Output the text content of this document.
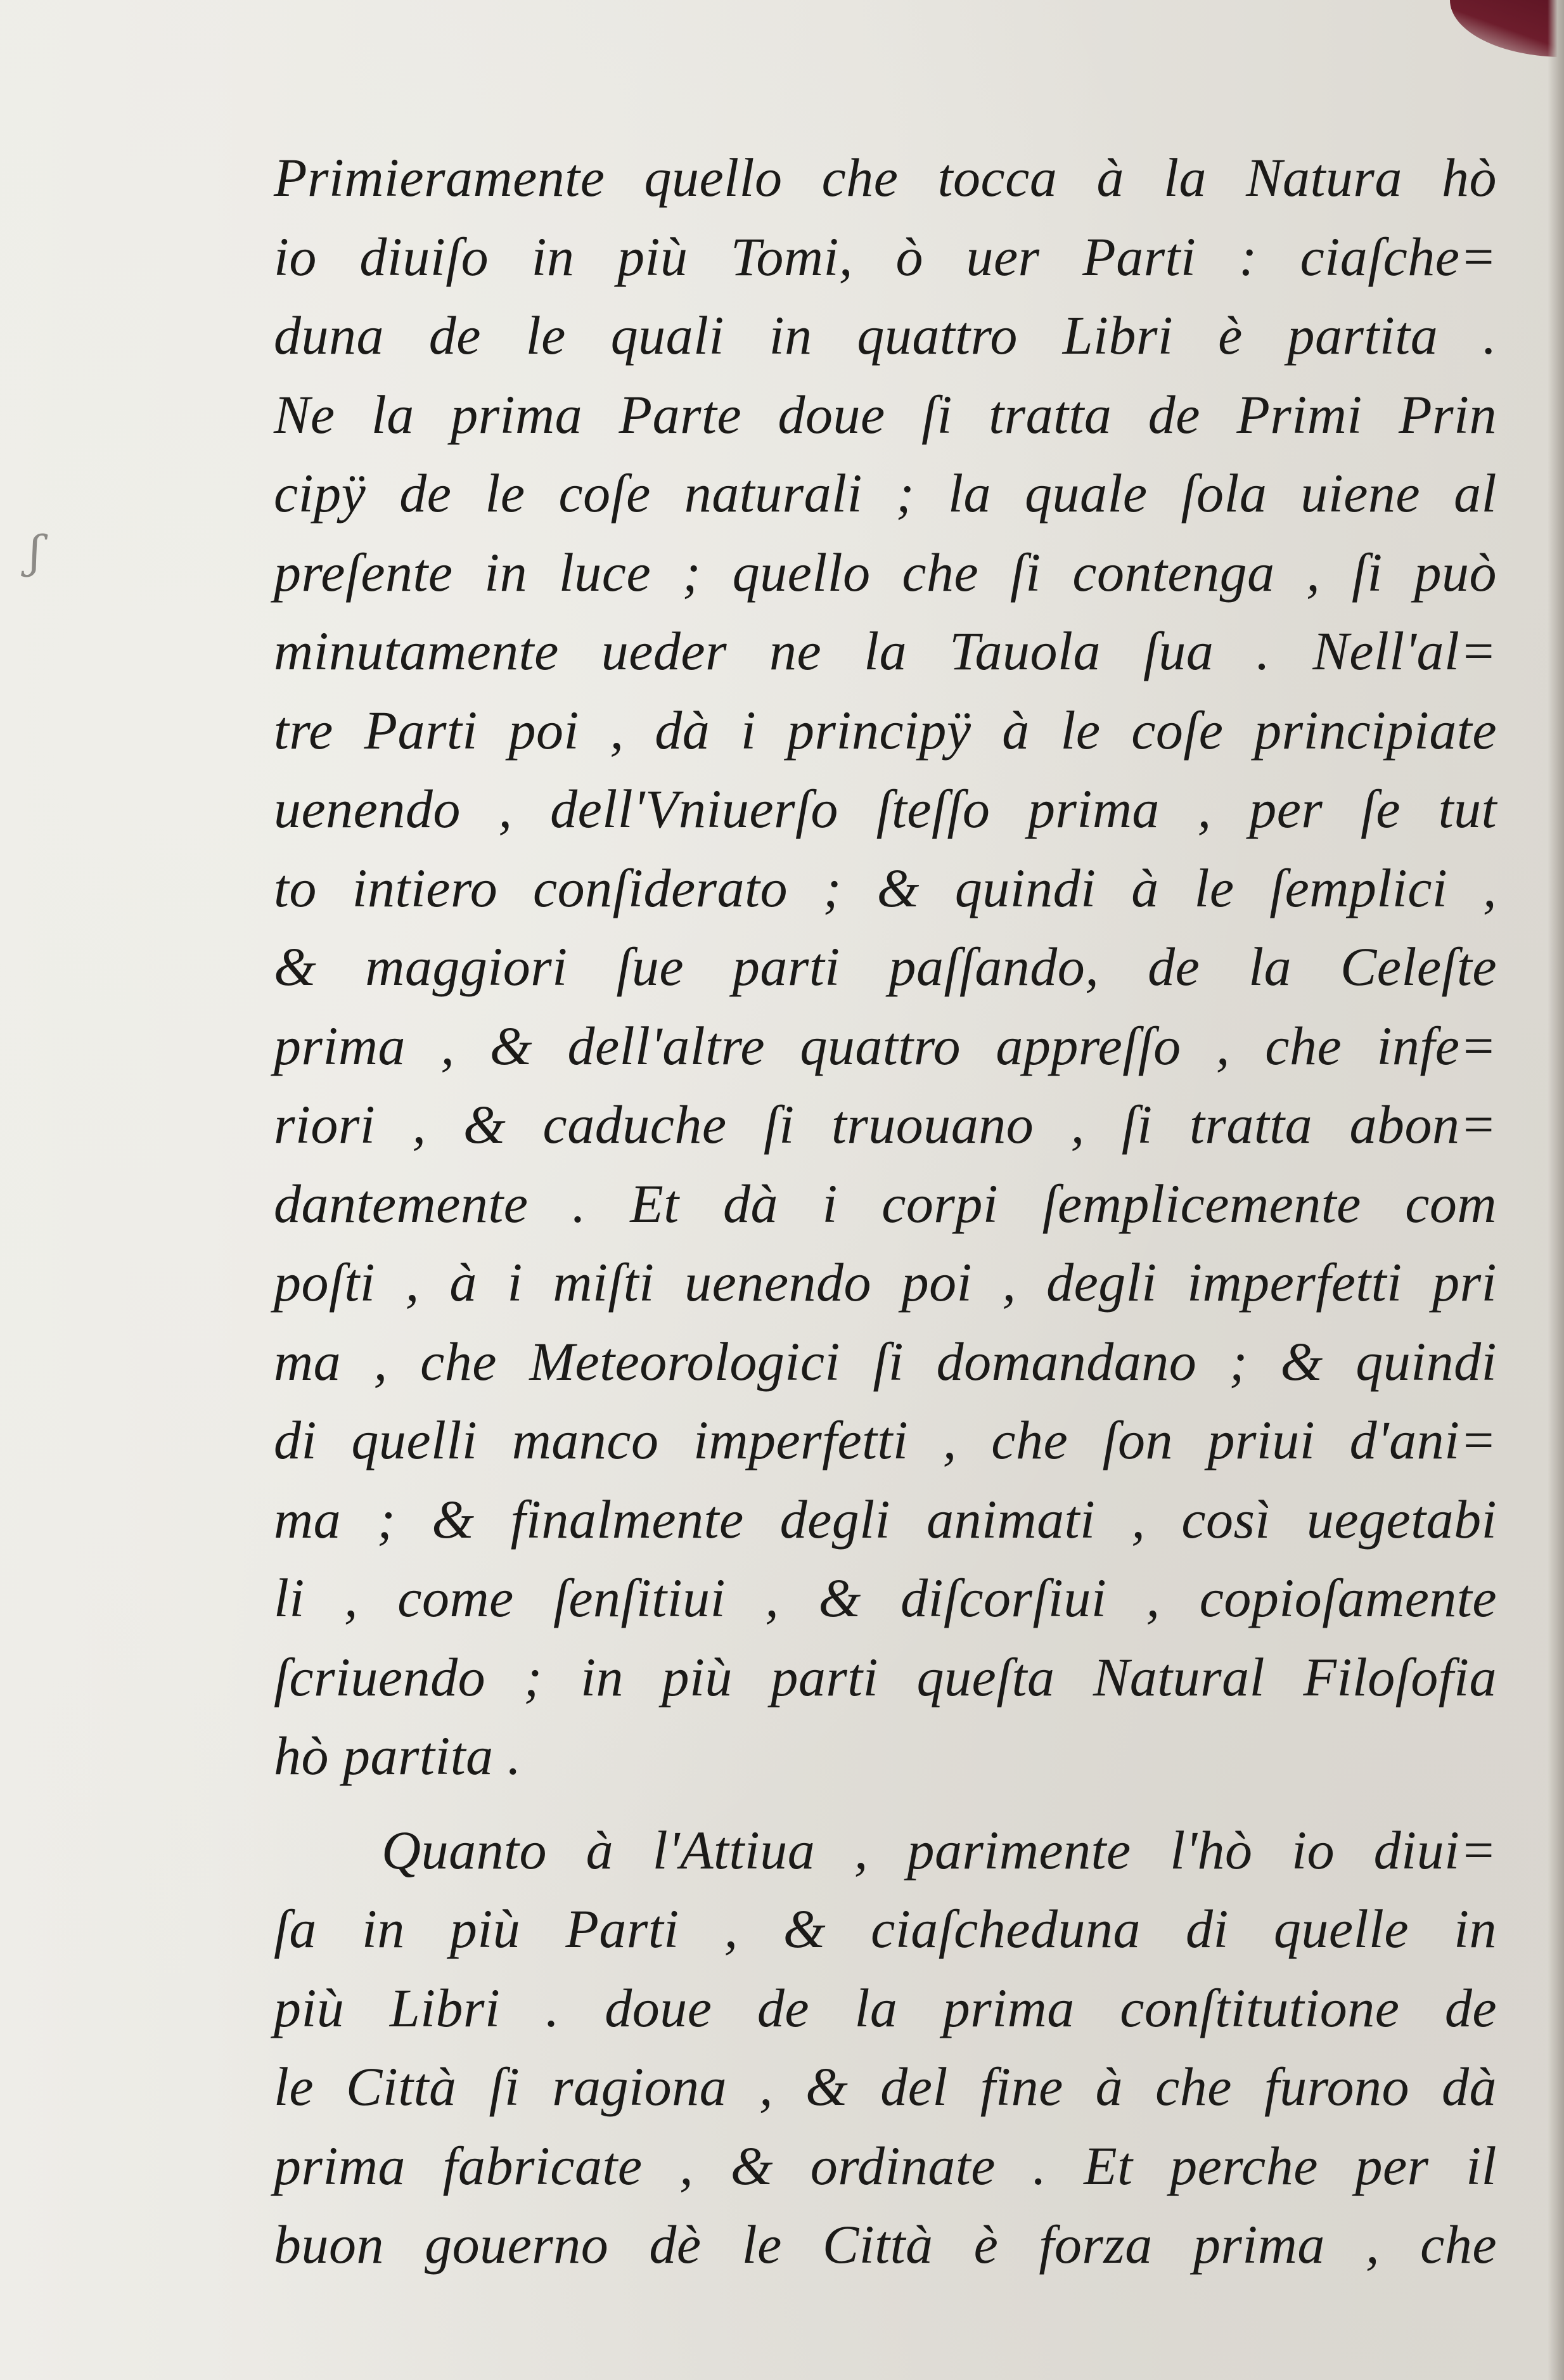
ʃ
Primieramente quello che tocca à la Natura hò
io diuiſo in più Tomi, ò uer Parti : ciaſche=
duna de le quali in quattro Libri è partita .
Ne la prima Parte doue ſi tratta de Primi Prin
cipÿ de le coſe naturali ; la quale ſola uiene al
preſente in luce ; quello che ſi contenga , ſi può
minutamente ueder ne la Tauola ſua . Nell'al=
tre Parti poi , dà i principÿ à le coſe principiate
uenendo , dell'Vniuerſo ſteſſo prima , per ſe tut
to intiero conſiderato ; & quindi à le ſemplici ,
& maggiori ſue parti paſſando, de la Celeſte
prima , & dell'altre quattro appreſſo , che infe=
riori , & caduche ſi truouano , ſi tratta abon=
dantemente . Et dà i corpi ſemplicemente com
poſti , à i miſti uenendo poi , degli imperfetti pri
ma , che Meteorologici ſi domandano ; & quindi
di quelli manco imperfetti , che ſon priui d'ani=
ma ; & finalmente degli animati , così uegetabi
li , come ſenſitiui , & diſcorſiui , copioſamente
ſcriuendo ; in più parti queſta Natural Filoſofia
hò partita .
Quanto à l'Attiua , parimente l'hò io diui=
ſa in più Parti , & ciaſcheduna di quelle in
più Libri . doue de la prima conſtitutione de
le Città ſi ragiona , & del fine à che furono dà
prima fabricate , & ordinate . Et perche per il
buon gouerno dè le Città è forza prima , che
